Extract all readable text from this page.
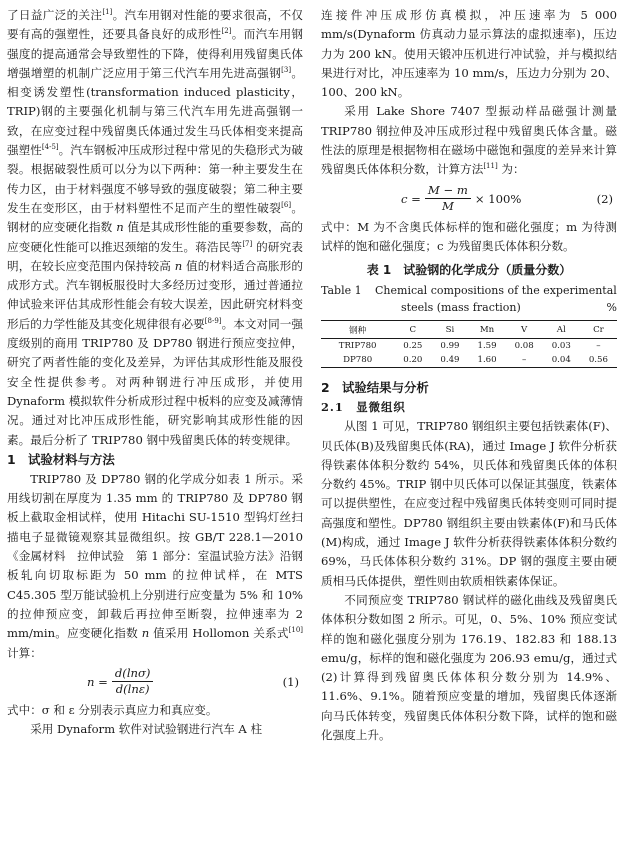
了日益广泛的关注[1]。汽车用钢对性能的要求很高，不仅要有高的强塑性，还要具备良好的成形性[2]。而汽车用钢强度的提高通常会导致塑性的下降，使得利用残留奥氏体增强增塑的机制广泛应用于第三代汽车用先进高强钢[3]。相变诱发塑性(transformation induced plasticity，TRIP)钢的主要强化机制与第三代汽车用先进高强钢一致，在应变过程中残留奥氏体通过发生马氏体相变来提高强塑性[4-5]。汽车钢板冲压成形过程中常见的失稳形式为破裂。根据破裂性质可以分为以下两种：第一种主要发生在传力区，由于材料强度不够导致的强度破裂；第二种主要发生在变形区，由于材料塑性不足而产生的塑性破裂[6]。钢材的应变硬化指数 n 值是其成形性能的重要参数，高的应变硬化性能可以推迟颈缩的发生。蒋浩民等[7] 的研究表明，在较长应变范围内保持较高 n 值的材料适合高胀形的成形方式。汽车钢板服役时大多经历过变形，通过普通拉伸试验来评估其成形性能会有较大误差，因此研究材料变形后的力学性能及其变化规律很有必要[8-9]。本文对同一强度级别的商用 TRIP780 及 DP780 钢进行预应变拉伸，研究了两者性能的变化及差异，为评估其成形性能及服役安全性提供参考。对两种钢进行冲压成形，并使用 Dynaform 模拟软件分析成形过程中板料的应变及减薄情况。通过对比冲压成形性能，研究影响其成形性能的因素。最后分析了 TRIP780 钢中残留奥氏体的转变规律。

1　试验材料与方法

TRIP780 及 DP780 钢的化学成分如表 1 所示。采用线切割在厚度为 1.35 mm 的 TRIP780 及 DP780 钢板上截取金相试样，使用 Hitachi SU-1510 型钨灯丝扫描电子显微镜观察其显微组织。按 GB/T 228.1—2010《金属材料　拉伸试验　第 1 部分：室温试验方法》沿钢板轧向切取标距为 50 mm 的拉伸试样，在 MTS C45.305 型万能试验机上分别进行应变量为 5% 和 10% 的拉伸预应变，卸载后再拉伸至断裂，拉伸速率为 2 mm/min。应变硬化指数 n 值采用 Hollomon 关系式[10] 计算：

$n = \frac{d(\ln\sigma)}{d(\ln\varepsilon)}$	(1)

式中：σ 和 ε 分别表示真应力和真应变。

采用 Dynaform 软件对试验钢进行汽车 A 柱

连接件冲压成形仿真模拟，冲压速率为 5 000 mm/s(Dynaform 仿真动力显示算法的虚拟速率)，压边力为 200 kN。使用天锻冲压机进行冲试验，并与模拟结果进行对比，冲压速率为 10 mm/s，压边力分别为 20、100、200 kN。

采用 Lake Shore 7407 型振动样品磁强计测量 TRIP780 钢拉伸及冲压成形过程中残留奥氏体含量。磁性法的原理是根据物相在磁场中磁饱和强度的差异来计算残留奥氏体体积分数，计算方法[11] 为：

$c = \frac{M - m}{M} \times 100\%$	(2)

式中：M 为不含奥氏体标样的饱和磁化强度；m 为待测试样的饱和磁化强度；c 为残留奥氏体体积分数。

表 1　试验钢的化学成分（质量分数）
Table 1 Chemical compositions of the experimental
steels (mass fraction)	%
钢种	C	Si	Mn	V	Al	Cr
TRIP780	0.25	0.99	1.59	0.08	0.03	–
DP780	0.20	0.49	1.60	–	0.04	0.56
2　试验结果与分析
2.1　显微组织

从图 1 可见，TRIP780 钢组织主要包括铁素体(F)、贝氏体(B)及残留奥氏体(RA)，通过 Image J 软件分析获得铁素体体积分数约 54%，贝氏体和残留奥氏体的体积分数约 45%。TRIP 钢中贝氏体可以保证其强度，铁素体可以提供塑性，在应变过程中残留奥氏体转变则可同时提高强度和塑性。DP780 钢组织主要由铁素体(F)和马氏体(M)构成，通过 Image J 软件分析获得铁素体体积分数约 69%，马氏体体积分数约 31%。DP 钢的强度主要由硬质相马氏体提供，塑性则由软质相铁素体保证。

不同预应变 TRIP780 钢试样的磁化曲线及残留奥氏体体积分数如图 2 所示。可见，0、5%、10% 预应变试样的饱和磁化强度分别为 176.19、182.83 和 188.13 emu/g，标样的饱和磁化强度为 206.93 emu/g，通过式(2)计算得到残留奥氏体体积分数分别为 14.9%、11.6%、9.1%。随着预应变量的增加，残留奥氏体逐渐向马氏体转变，残留奥氏体体积分数下降，试样的饱和磁化强度上升。
